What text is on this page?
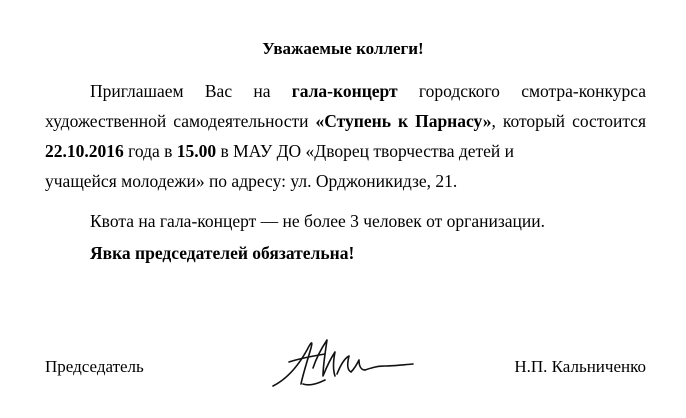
Уважаемые коллеги!
Приглашаем Вас на гала-концерт городского смотра-конкурса художественной самодеятельности «Ступень к Парнасу», который состоится 22.10.2016 года в 15.00 в МАУ ДО «Дворец творчества детей и
учащейся молодежи» по адресу: ул. Орджоникидзе, 21.
Квота на гала-концерт — не более 3 человек от организации.
Явка председателей обязательна!
Председатель	Н.П. Кальниченко
